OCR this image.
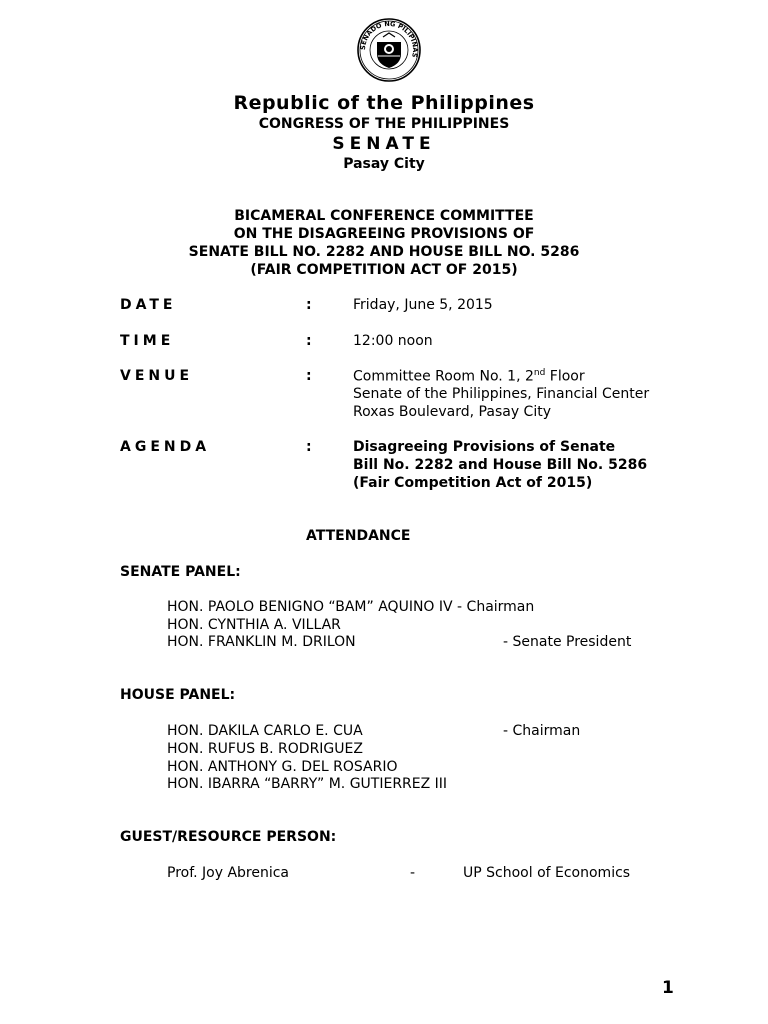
SENADO NG PILIPINAS
Republic of the Philippines
CONGRESS OF THE PHILIPPINES
SENATE
Pasay City
BICAMERAL CONFERENCE COMMITTEE
ON THE DISAGREEING PROVISIONS OF
SENATE BILL NO. 2282 AND HOUSE BILL NO. 5286
(FAIR COMPETITION ACT OF 2015)
DATE	:	Friday, June 5, 2015
TIME	:	12:00 noon
VENUE	:	Committee Room No. 1, 2nd Floor
Senate of the Philippines, Financial Center
Roxas Boulevard, Pasay City
AGENDA	:	Disagreeing Provisions of Senate
Bill No. 2282 and House Bill No. 5286
(Fair Competition Act of 2015)
ATTENDANCE
SENATE PANEL:
HON. PAOLO BENIGNO “BAM” AQUINO IV - Chairman
HON. CYNTHIA A. VILLAR
HON. FRANKLIN M. DRILON	- Senate President
HOUSE PANEL:
HON. DAKILA CARLO E. CUA	- Chairman
HON. RUFUS B. RODRIGUEZ
HON. ANTHONY G. DEL ROSARIO
HON. IBARRA “BARRY” M. GUTIERREZ III
GUEST/RESOURCE PERSON:
Prof. Joy Abrenica	-	UP School of Economics
1
